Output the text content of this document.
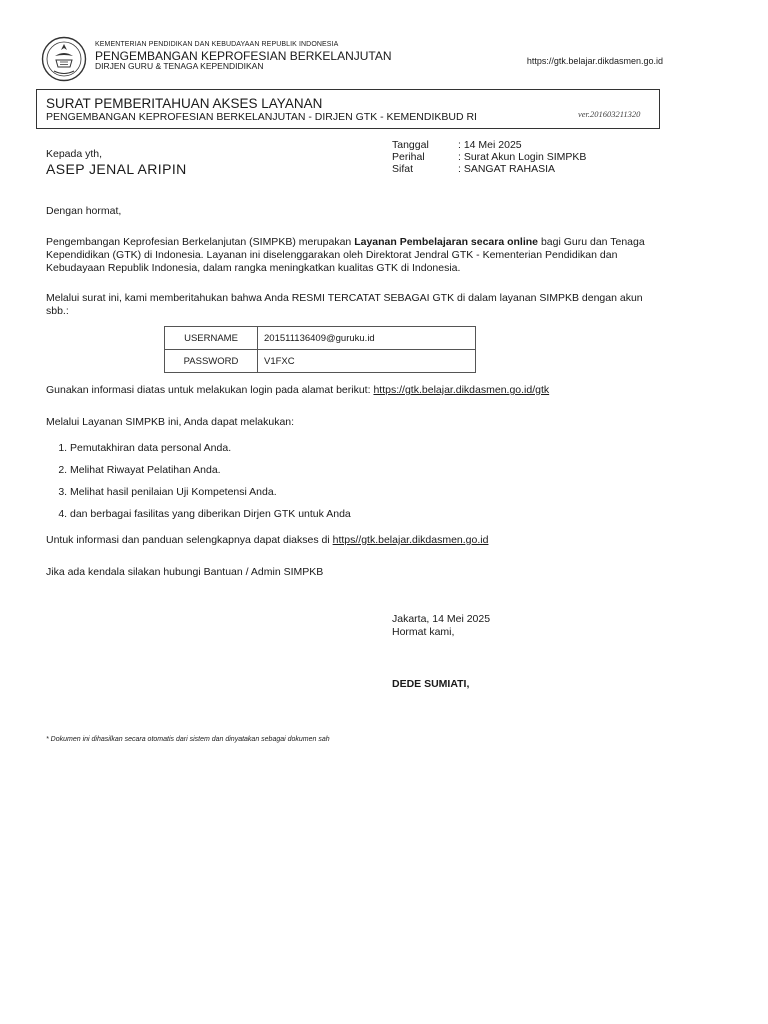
KEMENTERIAN PENDIDIKAN DAN KEBUDAYAAN REPUBLIK INDONESIA
PENGEMBANGAN KEPROFESIAN BERKELANJUTAN
DIRJEN GURU & TENAGA KEPENDIDIKAN	https://gtk.belajar.dikdasmen.go.id
SURAT PEMBERITAHUAN AKSES LAYANAN
PENGEMBANGAN KEPROFESIAN BERKELANJUTAN - DIRJEN GTK - KEMENDIKBUD RI	ver.201603211320
Kepada yth,
ASEP JENAL ARIPIN
Tanggal	: 14 Mei 2025
Perihal	: Surat Akun Login SIMPKB
Sifat	: SANGAT RAHASIA
Dengan hormat,
Pengembangan Keprofesian Berkelanjutan (SIMPKB) merupakan Layanan Pembelajaran secara online bagi Guru dan Tenaga Kependidikan (GTK) di Indonesia. Layanan ini diselenggarakan oleh Direktorat Jendral GTK - Kementerian Pendidikan dan Kebudayaan Republik Indonesia, dalam rangka meningkatkan kualitas GTK di Indonesia.
Melalui surat ini, kami memberitahukan bahwa Anda RESMI TERCATAT SEBAGAI GTK di dalam layanan SIMPKB dengan akun sbb.:
USERNAME	201511136409@guruku.id
PASSWORD	V1FXC
Gunakan informasi diatas untuk melakukan login pada alamat berikut: https://gtk.belajar.dikdasmen.go.id/gtk
Melalui Layanan SIMPKB ini, Anda dapat melakukan:
1. Pemutakhiran data personal Anda.
2. Melihat Riwayat Pelatihan Anda.
3. Melihat hasil penilaian Uji Kompetensi Anda.
4. dan berbagai fasilitas yang diberikan Dirjen GTK untuk Anda
Untuk informasi dan panduan selengkapnya dapat diakses di https//gtk.belajar.dikdasmen.go.id
Jika ada kendala silakan hubungi Bantuan / Admin SIMPKB
Jakarta, 14 Mei 2025
Hormat kami,
DEDE SUMIATI,
* Dokumen ini dihasilkan secara otomatis dari sistem dan dinyatakan sebagai dokumen sah
